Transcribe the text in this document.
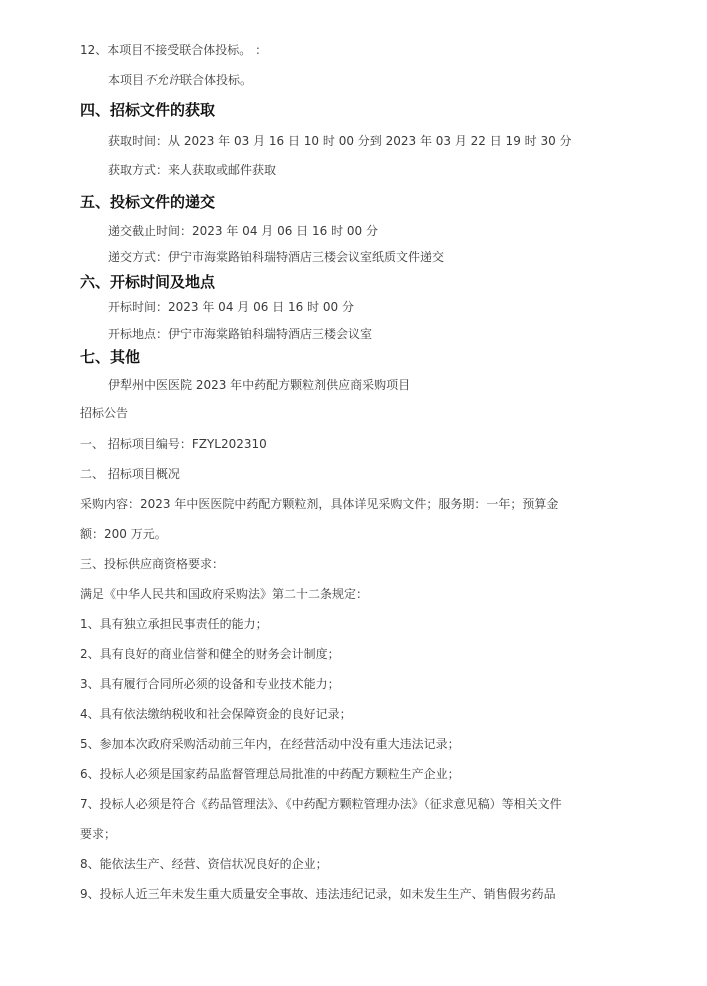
12、本项目不接受联合体投标。 ：
本项目不允许联合体投标。
四、招标文件的获取
获取时间：从 2023 年 03 月 16 日 10 时 00 分到 2023 年 03 月 22 日 19 时 30 分
获取方式：来人获取或邮件获取
五、投标文件的递交
递交截止时间：2023 年 04 月 06 日 16 时 00 分
递交方式：伊宁市海棠路铂科瑞特酒店三楼会议室纸质文件递交
六、开标时间及地点
开标时间：2023 年 04 月 06 日 16 时 00 分
开标地点：伊宁市海棠路铂科瑞特酒店三楼会议室
七、其他
伊犁州中医医院 2023 年中药配方颗粒剂供应商采购项目
招标公告
一、 招标项目编号：FZYL202310
二、 招标项目概况
采购内容：2023 年中医医院中药配方颗粒剂，具体详见采购文件；服务期：一年；预算金
额：200 万元。
三、投标供应商资格要求：
满足《中华人民共和国政府采购法》第二十二条规定：
1、具有独立承担民事责任的能力；
2、具有良好的商业信誉和健全的财务会计制度；
3、具有履行合同所必须的设备和专业技术能力；
4、具有依法缴纳税收和社会保障资金的良好记录；
5、参加本次政府采购活动前三年内，在经营活动中没有重大违法记录；
6、投标人必须是国家药品监督管理总局批准的中药配方颗粒生产企业；
7、投标人必须是符合《药品管理法》、《中药配方颗粒管理办法》（征求意见稿）等相关文件
要求；
8、能依法生产、经营、资信状况良好的企业；
9、投标人近三年未发生重大质量安全事故、违法违纪记录，如未发生生产、销售假劣药品
